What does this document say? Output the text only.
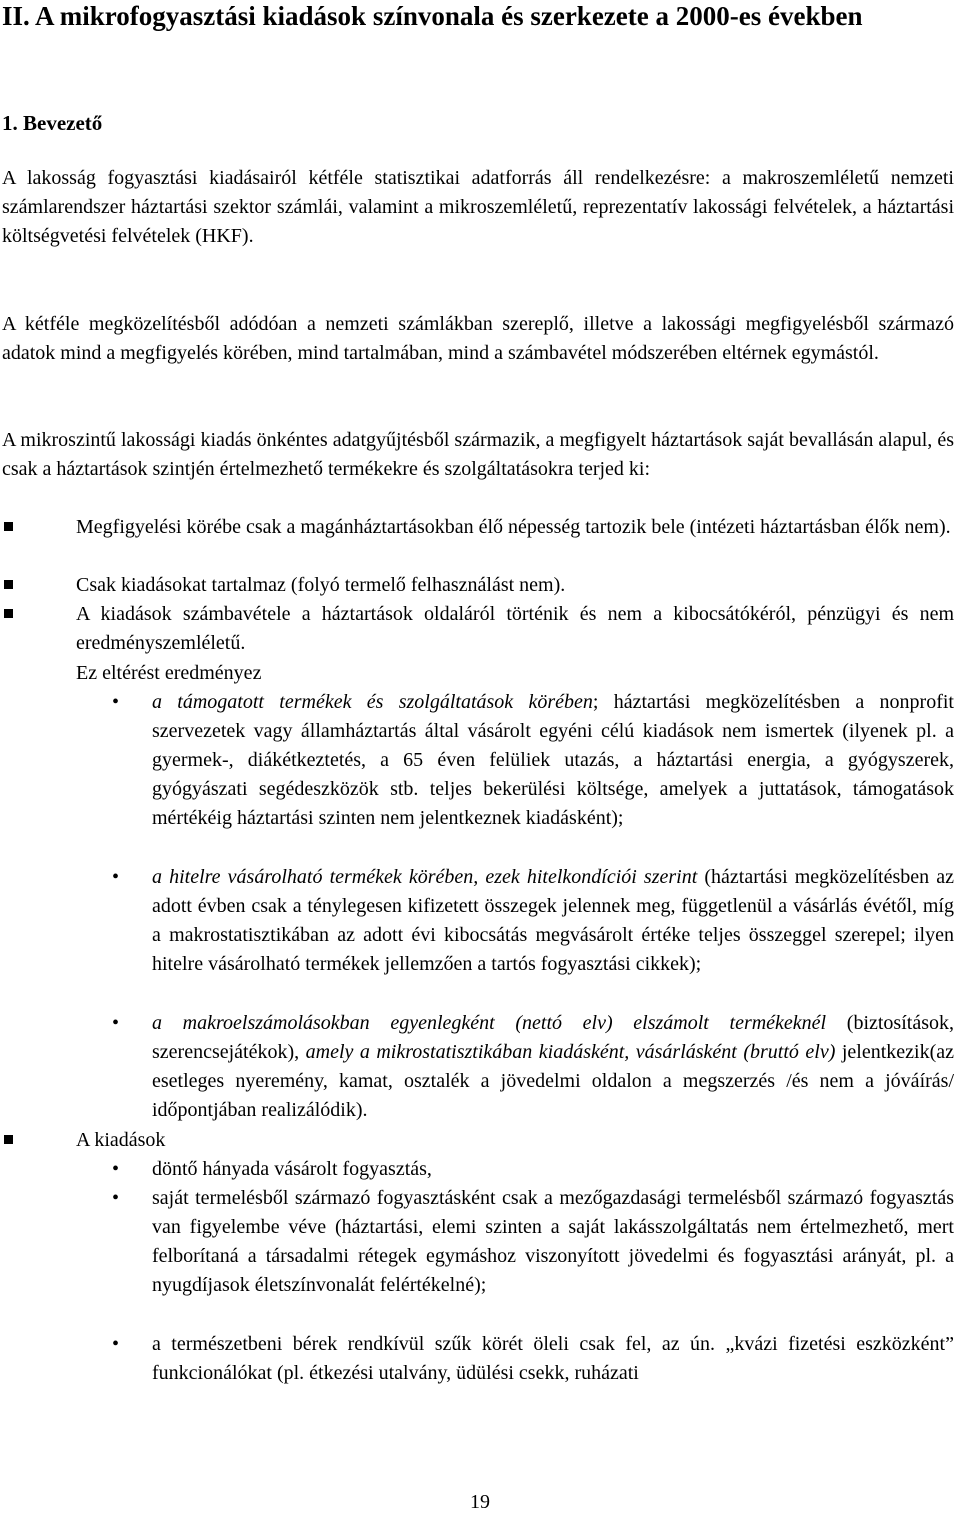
II. A mikrofogyasztási kiadások színvonala és szerkezete a 2000-es években
1. Bevezető

A lakosság fogyasztási kiadásairól kétféle statisztikai adatforrás áll rendelkezésre: a makroszemléletű nemzeti számlarendszer háztartási szektor számlái, valamint a mikroszemléletű, reprezentatív lakossági felvételek, a háztartási költségvetési felvételek (HKF).

A kétféle megközelítésből adódóan a nemzeti számlákban szereplő, illetve a lakossági megfigyelésből származó adatok mind a megfigyelés körében, mind tartalmában, mind a számbavétel módszerében eltérnek egymástól.

A mikroszintű lakossági kiadás önkéntes adatgyűjtésből származik, a megfigyelt háztartások saját bevallásán alapul, és csak a háztartások szintjén értelmezhető termékekre és szolgáltatásokra terjed ki:

Megfigyelési körébe csak a magánháztartásokban élő népesség tartozik bele (intézeti háztartásban élők nem).
Csak kiadásokat tartalmaz (folyó termelő felhasználást nem).
A kiadások számbavétele a háztartások oldaláról történik és nem a kibocsátókéról, pénzügyi és nem eredményszemléletű.
Ez eltérést eredményez
• a támogatott termékek és szolgáltatások körében; háztartási megközelítésben a nonprofit szervezetek vagy államháztartás által vásárolt egyéni célú kiadások nem ismertek (ilyenek pl. a gyermek-, diákétkeztetés, a 65 éven felüliek utazás, a háztartási energia, a gyógyszerek, gyógyászati segédeszközök stb. teljes bekerülési költsége, amelyek a juttatások, támogatások mértékéig háztartási szinten nem jelentkeznek kiadásként);
• a hitelre vásárolható termékek körében, ezek hitelkondíciói szerint (háztartási megközelítésben az adott évben csak a ténylegesen kifizetett összegek jelennek meg, függetlenül a vásárlás évétől, míg a makrostatisztikában az adott évi kibocsátás megvásárolt értéke teljes összeggel szerepel; ilyen hitelre vásárolható termékek jellemzően a tartós fogyasztási cikkek);
• a makroelszámolásokban egyenlegként (nettó elv) elszámolt termékeknél (biztosítások, szerencsejátékok), amely a mikrostatisztikában kiadásként, vásárlásként (bruttó elv) jelentkezik(az esetleges nyeremény, kamat, osztalék a jövedelmi oldalon a megszerzés /és nem a jóváírás/ időpontjában realizálódik).
A kiadások
• döntő hányada vásárolt fogyasztás,
• saját termelésből származó fogyasztásként csak a mezőgazdasági termelésből származó fogyasztás van figyelembe véve (háztartási, elemi szinten a saját lakásszolgáltatás nem értelmezhető, mert felborítaná a társadalmi rétegek egymáshoz viszonyított jövedelmi és fogyasztási arányát, pl. a nyugdíjasok életszínvonalát felértékelné);
• a természetbeni bérek rendkívül szűk körét öleli csak fel, az ún. „kvázi fizetési eszközként” funkcionálókat (pl. étkezési utalvány, üdülési csekk, ruházati
19
